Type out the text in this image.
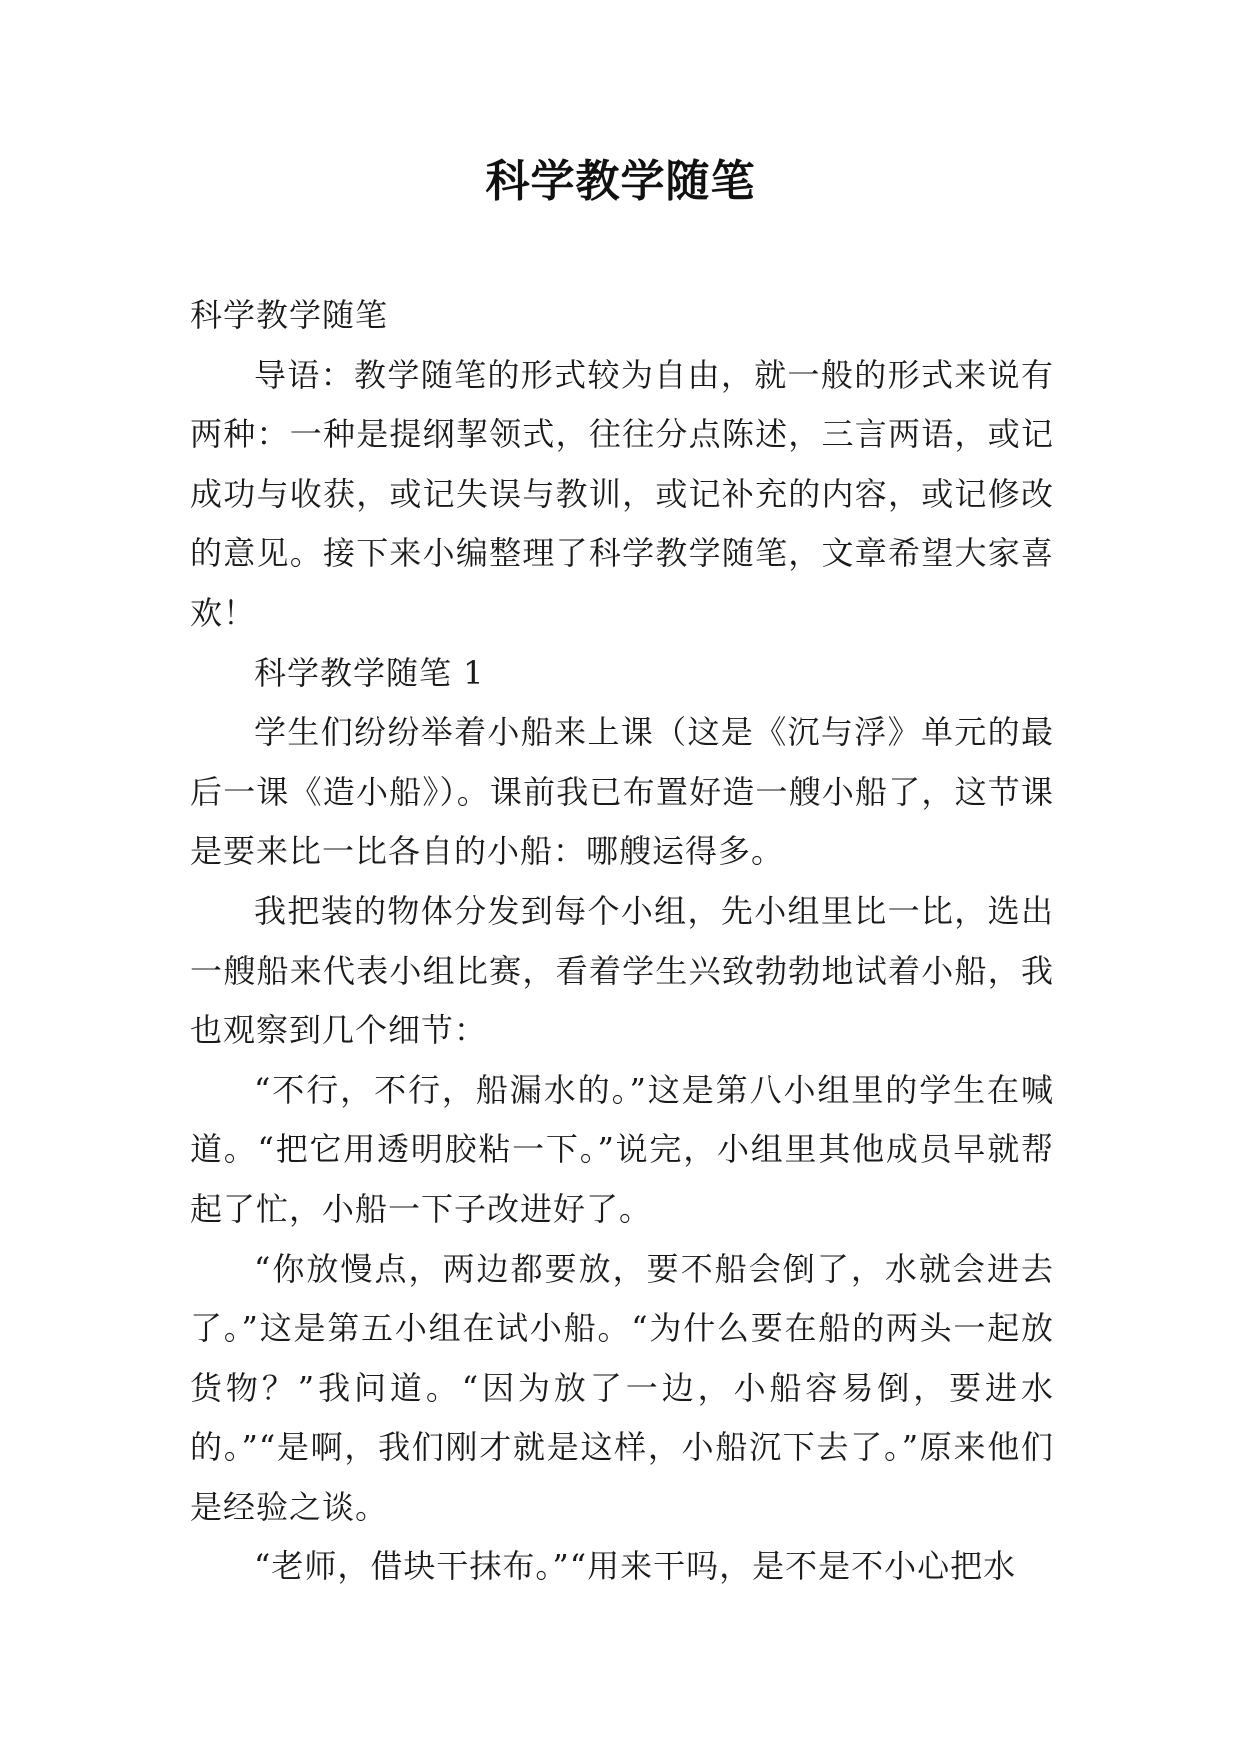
科学教学随笔

科学教学随笔

导语：教学随笔的形式较为自由，就一般的形式来说有两种：一种是提纲挈领式，往往分点陈述，三言两语，或记成功与收获，或记失误与教训，或记补充的内容，或记修改的意见。接下来小编整理了科学教学随笔，文章希望大家喜欢！

科学教学随笔 1

学生们纷纷举着小船来上课（这是《沉与浮》单元的最后一课《造小船》）。课前我已布置好造一艘小船了，这节课是要来比一比各自的小船：哪艘运得多。

我把装的物体分发到每个小组，先小组里比一比，选出一艘船来代表小组比赛，看着学生兴致勃勃地试着小船，我也观察到几个细节：

“不行，不行，船漏水的。”这是第八小组里的学生在喊道。“把它用透明胶粘一下。”说完，小组里其他成员早就帮起了忙，小船一下子改进好了。

“你放慢点，两边都要放，要不船会倒了，水就会进去了。”这是第五小组在试小船。“为什么要在船的两头一起放货物？”我问道。“因为放了一边，小船容易倒，要进水的。”“是啊，我们刚才就是这样，小船沉下去了。”原来他们是经验之谈。

“老师，借块干抹布。”“用来干吗，是不是不小心把水
